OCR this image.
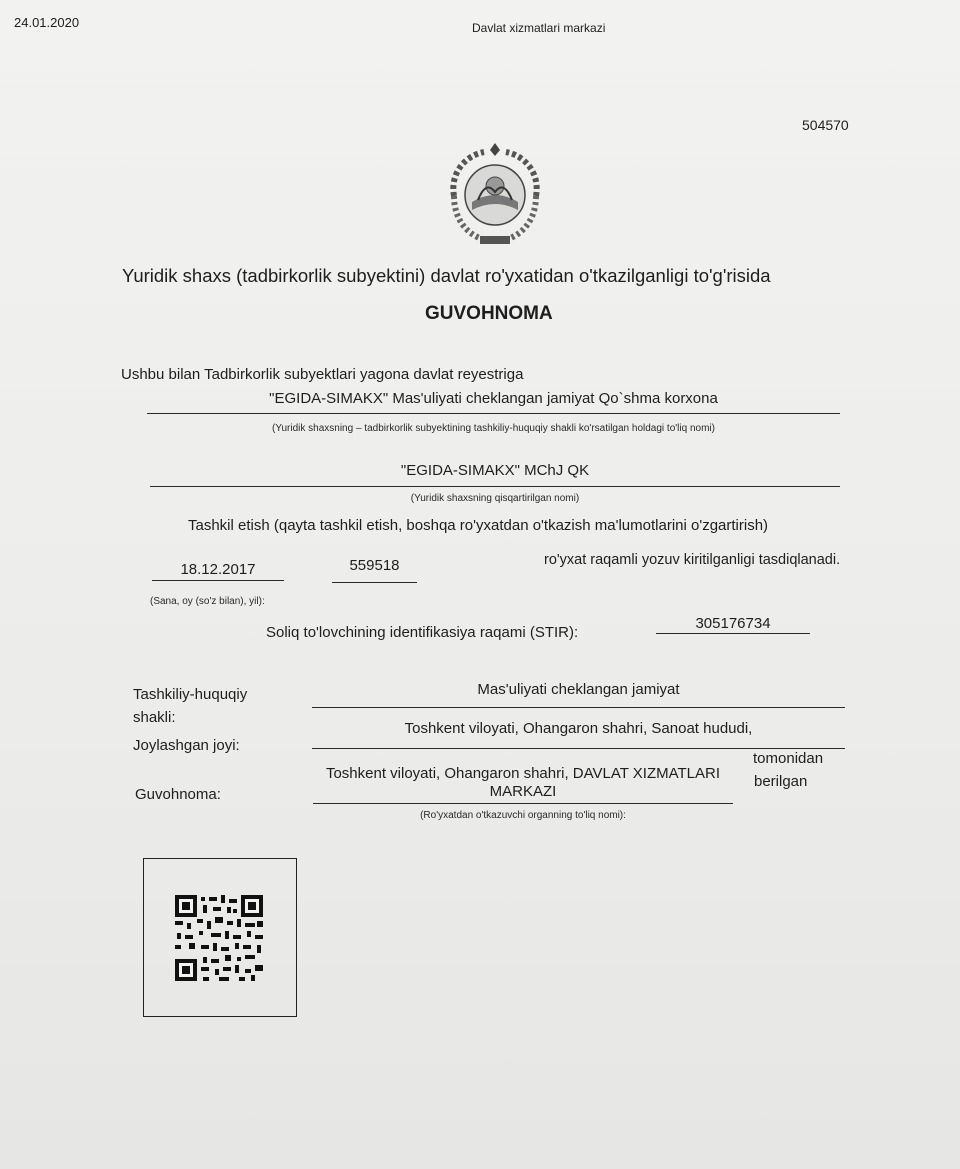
24.01.2020	Davlat xizmatlari markazi
504570
Yuridik shaxs (tadbirkorlik subyektini) davlat ro'yxatidan o'tkazilganligi to'g'risida
GUVOHNOMA
Ushbu bilan Tadbirkorlik subyektlari yagona davlat reyestriga
"EGIDA-SIMAKX" Mas'uliyati cheklangan jamiyat Qo`shma korxona
(Yuridik shaxsning – tadbirkorlik subyektining tashkiliy-huquqiy shakli ko'rsatilgan holdagi to'liq nomi)
"EGIDA-SIMAKX" MChJ QK
(Yuridik shaxsning qisqartirilgan nomi)
Tashkil etish (qayta tashkil etish, boshqa ro'yxatdan o'tkazish ma'lumotlarini o'zgartirish)
18.12.2017	559518	ro'yxat raqamli yozuv kiritilganligi tasdiqlanadi.
(Sana, oy (so'z bilan), yil):
Soliq to'lovchining identifikasiya raqami (STIR):
305176734
Tashkiliy-huquqiy
shakli:
Mas'uliyati cheklangan jamiyat
Joylashgan joyi:
Toshkent viloyati, Ohangaron shahri, Sanoat hududi,
Guvohnoma:
Toshkent viloyati, Ohangaron shahri, DAVLAT XIZMATLARI
MARKAZI
tomonidan
berilgan
(Ro'yxatdan o'tkazuvchi organning to'liq nomi):
